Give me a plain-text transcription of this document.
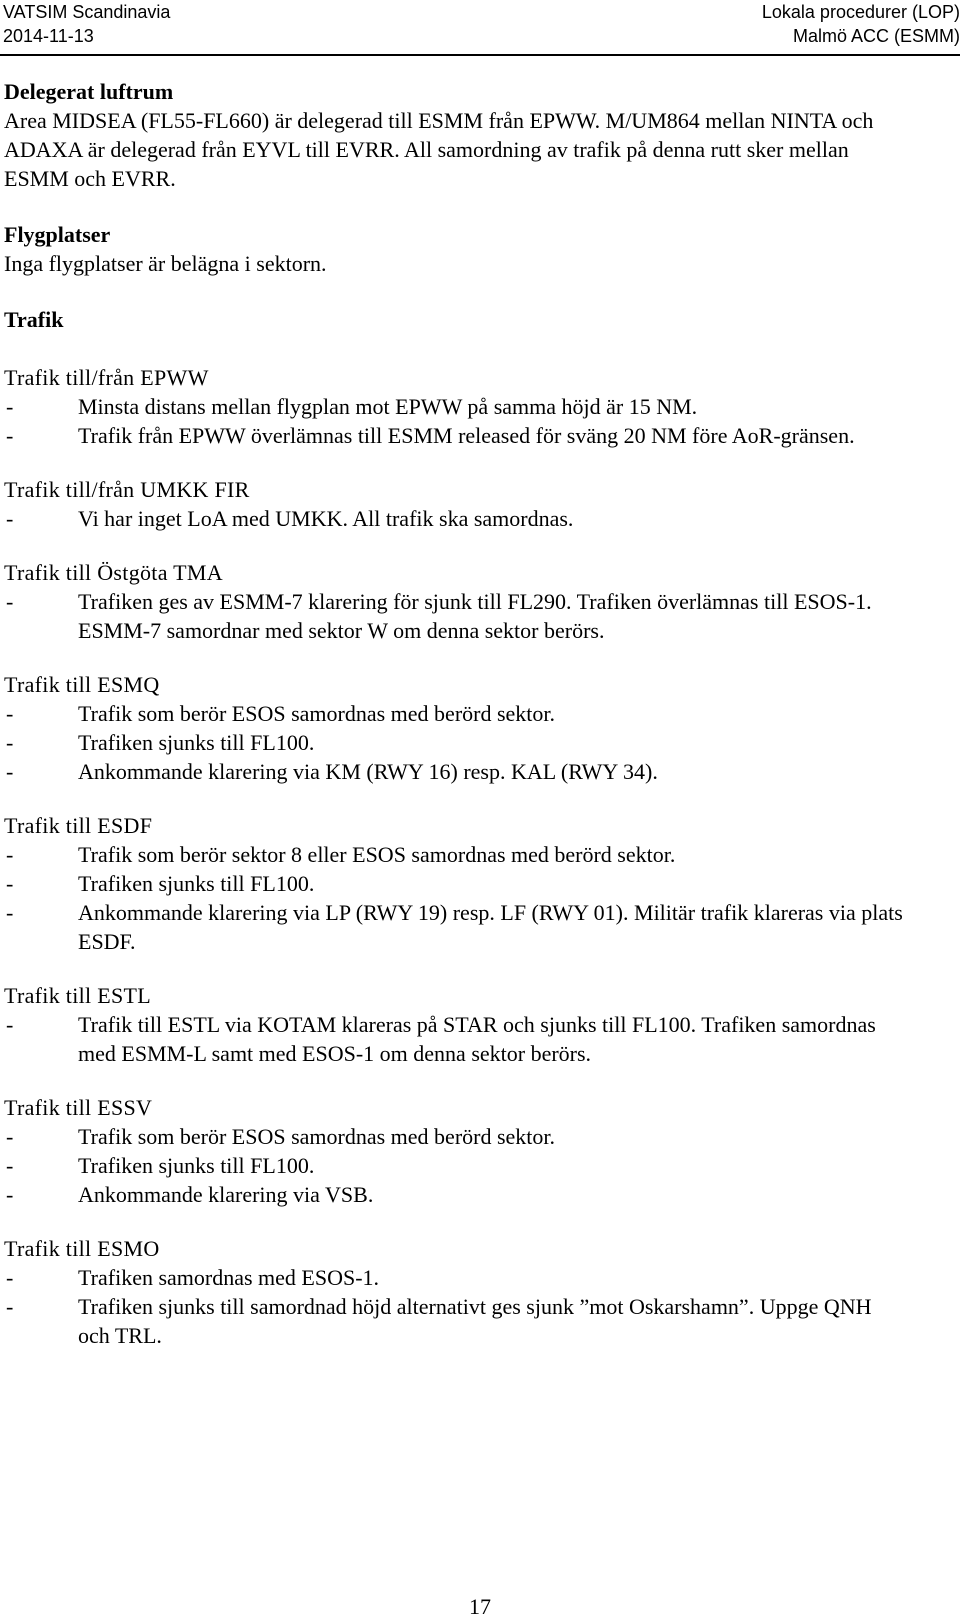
VATSIM Scandinavia
2014-11-13
Lokala procedurer (LOP)
Malmö ACC (ESMM)
Delegerat luftrum

Area MIDSEA (FL55-FL660) är delegerad till ESMM från EPWW. M/UM864 mellan NINTA och ADAXA är delegerad från EYVL till EVRR. All samordning av trafik på denna rutt sker mellan ESMM och EVRR.

Flygplatser

Inga flygplatser är belägna i sektorn.

Trafik
Trafik till/från EPWW
-	Minsta distans mellan flygplan mot EPWW på samma höjd är 15 NM.
-	Trafik från EPWW överlämnas till ESMM released för sväng 20 NM före AoR-gränsen.
Trafik till/från UMKK FIR
-	Vi har inget LoA med UMKK. All trafik ska samordnas.
Trafik till Östgöta TMA
-	Trafiken ges av ESMM-7 klarering för sjunk till FL290. Trafiken överlämnas till ESOS-1. ESMM-7 samordnar med sektor W om denna sektor berörs.
Trafik till ESMQ
-	Trafik som berör ESOS samordnas med berörd sektor.
-	Trafiken sjunks till FL100.
-	Ankommande klarering via KM (RWY 16) resp. KAL (RWY 34).
Trafik till ESDF
-	Trafik som berör sektor 8 eller ESOS samordnas med berörd sektor.
-	Trafiken sjunks till FL100.
-	Ankommande klarering via LP (RWY 19) resp. LF (RWY 01). Militär trafik klareras via plats ESDF.
Trafik till ESTL
-	Trafik till ESTL via KOTAM klareras på STAR och sjunks till FL100. Trafiken samordnas med ESMM-L samt med ESOS-1 om denna sektor berörs.
Trafik till ESSV
-	Trafik som berör ESOS samordnas med berörd sektor.
-	Trafiken sjunks till FL100.
-	Ankommande klarering via VSB.
Trafik till ESMO
-	Trafiken samordnas med ESOS-1.
-	Trafiken sjunks till samordnad höjd alternativt ges sjunk ”mot Oskarshamn”. Uppge QNH och TRL.
17
